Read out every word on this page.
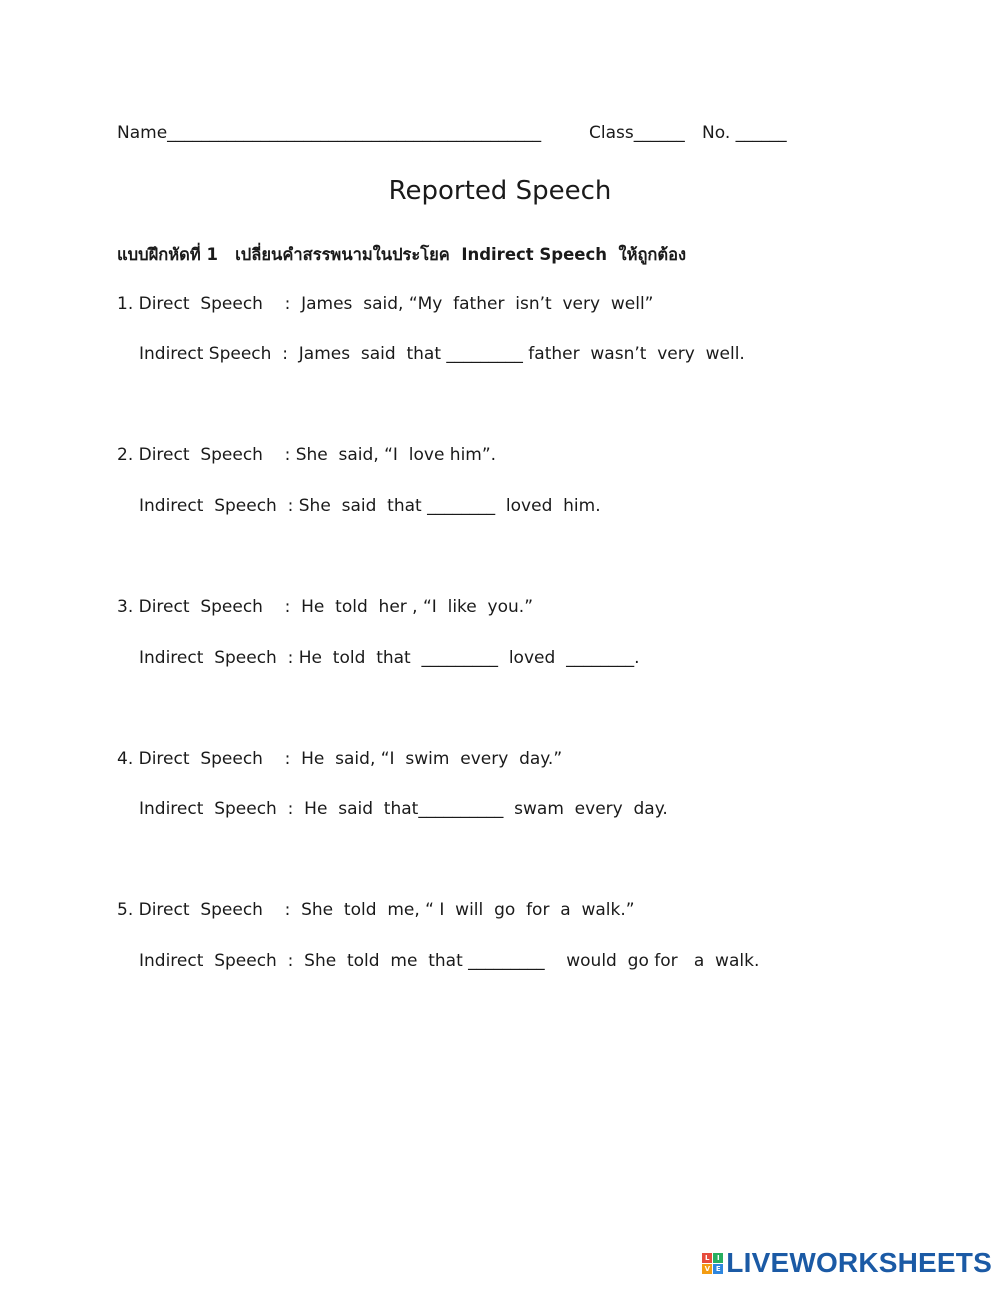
Name____________________________________________	Class______ No. ______
Reported Speech
แบบฝึกหัดที่ 1   เปลี่ยนคำสรรพนามในประโยค  Indirect Speech  ให้ถูกต้อง
1. Direct  Speech    :  James  said, “My  father  isn’t  very  well”
Indirect Speech  :  James  said  that _________ father  wasn’t  very  well.
2. Direct  Speech    : She  said, “I  love him”.
Indirect  Speech  : She  said  that ________  loved  him.
3. Direct  Speech    :  He  told  her , “I  like  you.”
Indirect  Speech  : He  told  that  _________  loved  ________.
4. Direct  Speech    :  He  said, “I  swim  every  day.”
Indirect  Speech  :  He  said  that__________  swam  every  day.
5. Direct  Speech    :  She  told  me, “ I  will  go  for  a  walk.”
Indirect  Speech  :  She  told  me  that _________    would  go for   a  walk.
L	I
V E LIVEWORKSHEETS
